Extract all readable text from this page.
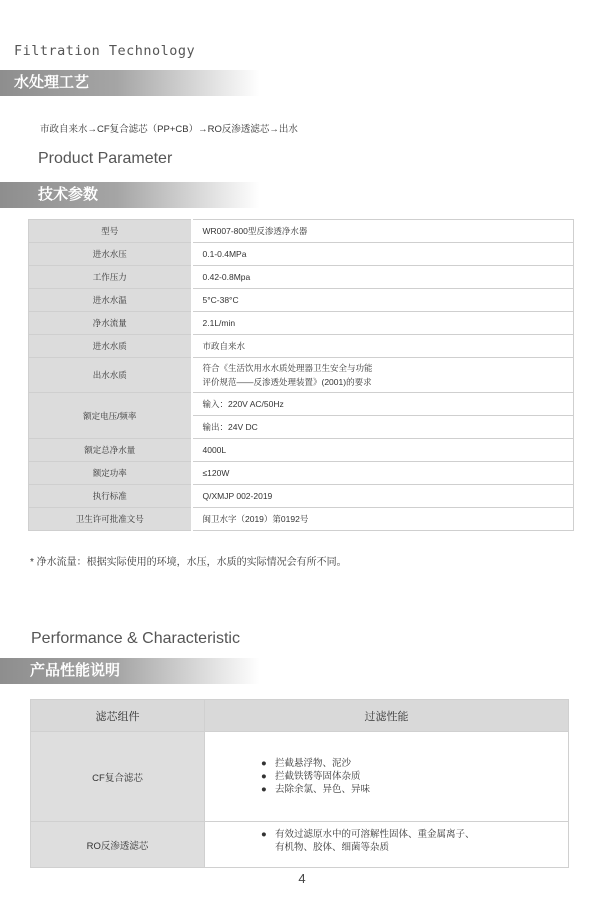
Filtration Technology
水处理工艺
市政自来水→CF复合滤芯（PP+CB）→RO反渗透滤芯→出水
Product Parameter
技术参数
型号	WR007-800型反渗透净水器
进水水压	0.1-0.4MPa
工作压力	0.42-0.8Mpa
进水水温	5°C-38°C
净水流量	2.1L/min
进水水质	市政自来水
出水水质	符合《生活饮用水水质处理器卫生安全与功能
评价规范——反渗透处理装置》(2001)的要求

额定电压/频率	输入：220V AC/50Hz
	输出：24V DC
额定总净水量	4000L
额定功率	≤120W
执行标准	Q/XMJP 002-2019
卫生许可批准文号	闽卫水字（2019）第0192号
* 净水流量：根据实际使用的环境，水压，水质的实际情况会有所不同。
Performance & Characteristic
产品性能说明
滤芯组件	过滤性能
CF复合滤芯	● 拦截悬浮物、泥沙
● 拦截铁锈等固体杂质
● 去除余氯、异色、异味

RO反渗透滤芯	● 有效过滤原水中的可溶解性固体、重金属离子、
有机物、胶体、细菌等杂质
4
